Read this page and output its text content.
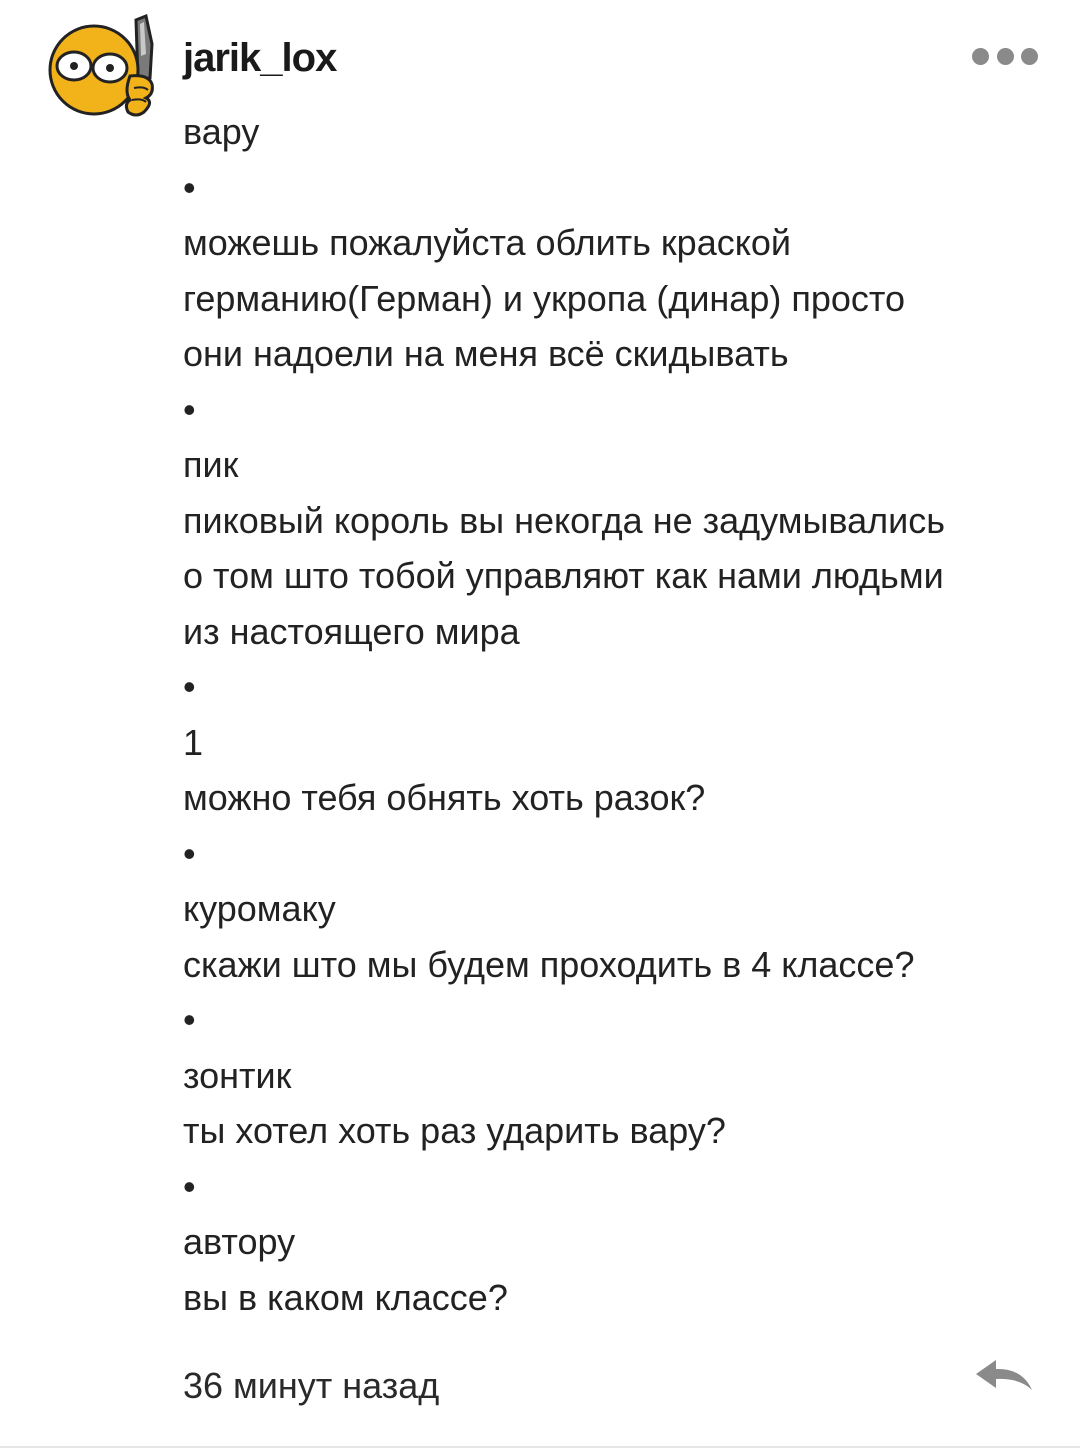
jarik_lox
вару
•
можешь пожалуйста облить краской
германию(Герман) и укропа (динар) просто
они надоели на меня всё скидывать
•
пик
пиковый король вы некогда не задумывались
о том што тобой управляют как нами людьми
из настоящего мира
•
1
можно тебя обнять хоть разок?
•
куромаку
скажи што мы будем проходить в 4 классе?
•
зонтик
ты хотел хоть раз ударить вару?
•
автору
вы в каком классе?
36 минут назад
